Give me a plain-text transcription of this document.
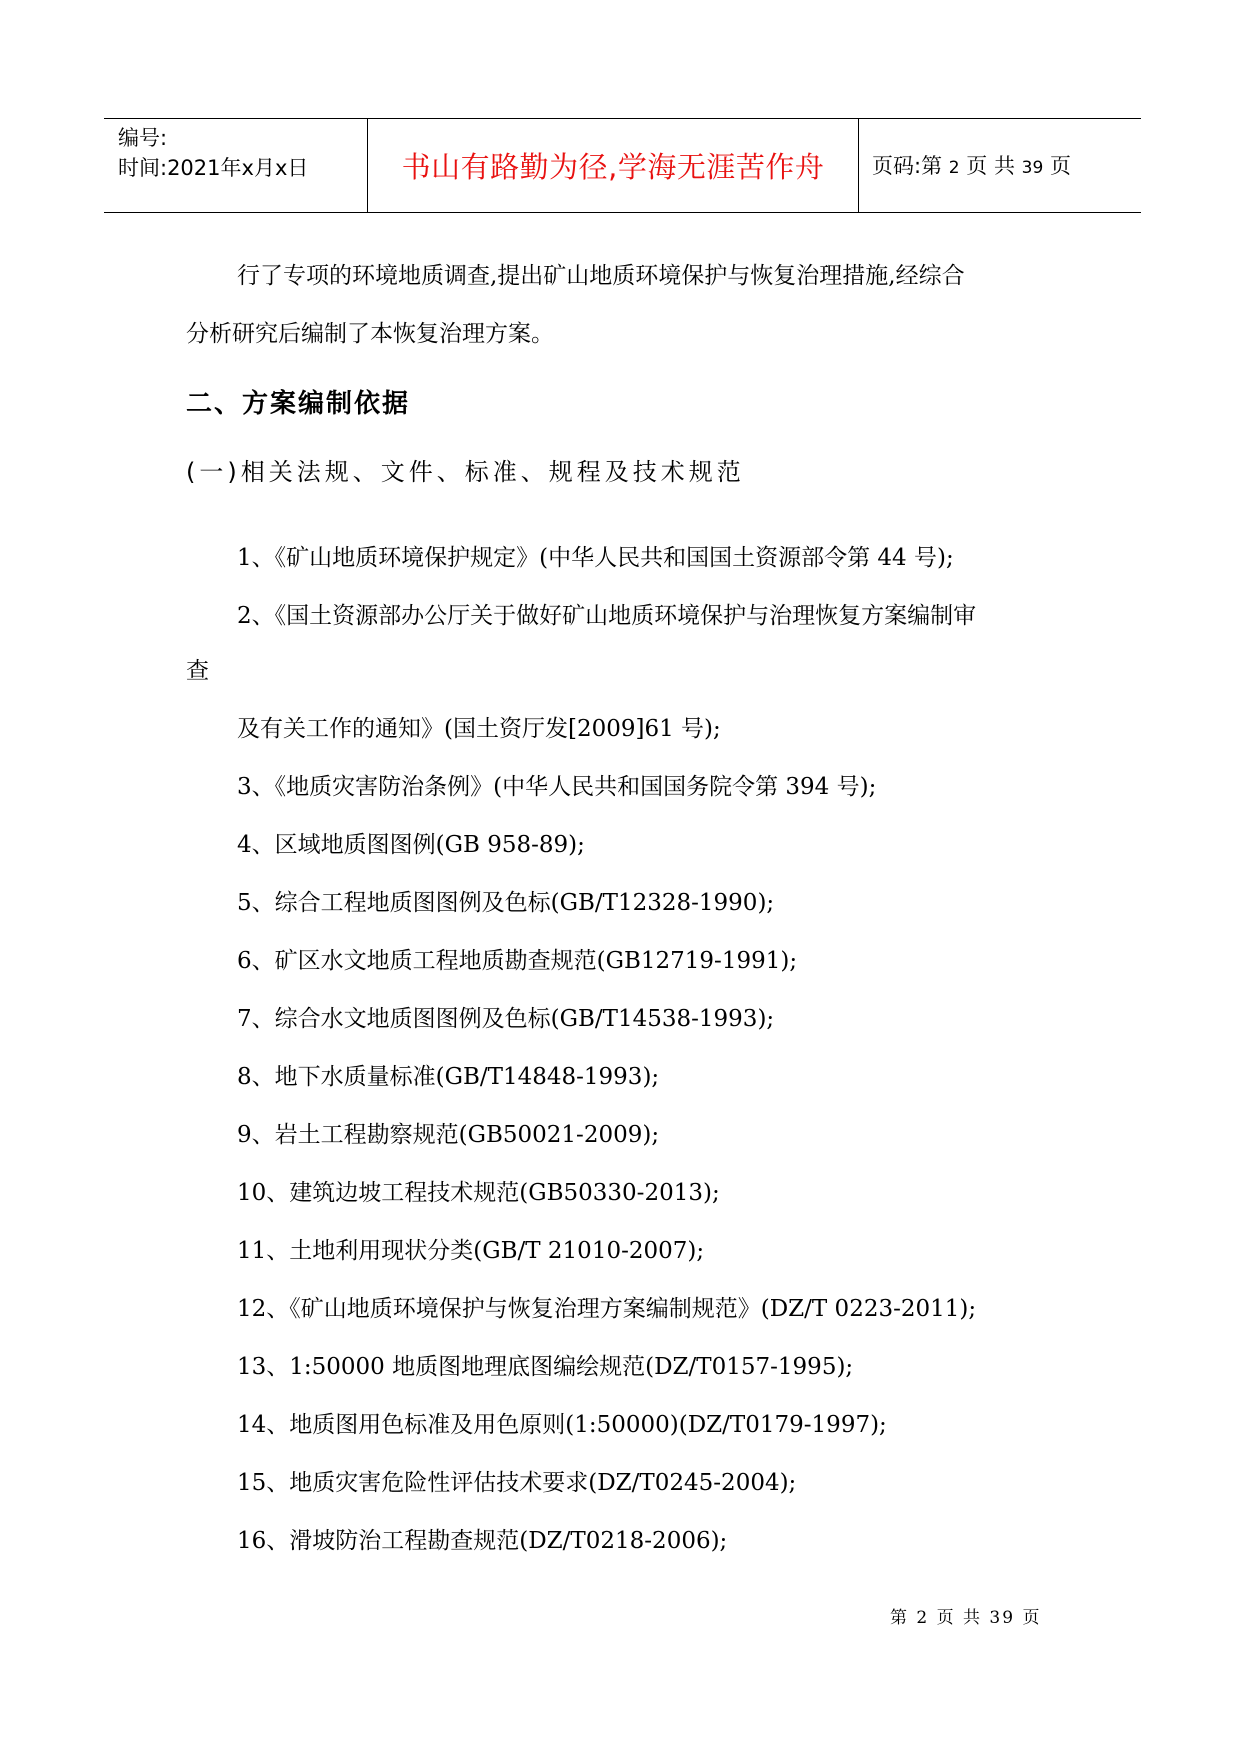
编号:
时间:2021年x月x日	书山有路勤为径,学海无涯苦作舟	页码:第 2 页 共 39 页
行了专项的环境地质调查,提出矿山地质环境保护与恢复治理措施,经综合
分析研究后编制了本恢复治理方案。
二、方案编制依据
(一)相关法规、文件、标准、规程及技术规范
1、《矿山地质环境保护规定》(中华人民共和国国土资源部令第 44 号);
2、《国土资源部办公厅关于做好矿山地质环境保护与治理恢复方案编制审
查
及有关工作的通知》(国土资厅发[2009]61 号);
3、《地质灾害防治条例》(中华人民共和国国务院令第 394 号);
4、区域地质图图例(GB 958-89);
5、综合工程地质图图例及色标(GB/T12328-1990);
6、矿区水文地质工程地质勘查规范(GB12719-1991);
7、综合水文地质图图例及色标(GB/T14538-1993);
8、地下水质量标准(GB/T14848-1993);
9、岩土工程勘察规范(GB50021-2009);
10、建筑边坡工程技术规范(GB50330-2013);
11、土地利用现状分类(GB/T 21010-2007);
12、《矿山地质环境保护与恢复治理方案编制规范》(DZ/T 0223-2011);
13、1:50000 地质图地理底图编绘规范(DZ/T0157-1995);
14、地质图用色标准及用色原则(1:50000)(DZ/T0179-1997);
15、地质灾害危险性评估技术要求(DZ/T0245-2004);
16、滑坡防治工程勘查规范(DZ/T0218-2006);
第 2 页 共 39 页
